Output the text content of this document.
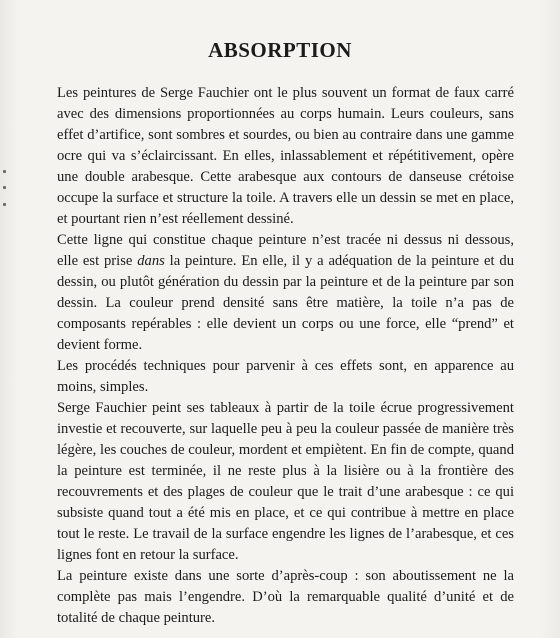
ABSORPTION

Les peintures de Serge Fauchier ont le plus souvent un format de faux carré avec des dimensions proportionnées au corps humain. Leurs couleurs, sans effet d’artifice, sont sombres et sourdes, ou bien au contraire dans une gamme ocre qui va s’éclaircissant. En elles, inlassablement et répétitivement, opère une double arabesque. Cette arabesque aux contours de danseuse crétoise occupe la surface et structure la toile. A travers elle un dessin se met en place, et pourtant rien n’est réellement dessiné.

Cette ligne qui constitue chaque peinture n’est tracée ni dessus ni dessous, elle est prise dans la peinture. En elle, il y a adéquation de la peinture et du dessin, ou plutôt génération du dessin par la peinture et de la peinture par son dessin. La couleur prend densité sans être matière, la toile n’a pas de composants repérables : elle devient un corps ou une force, elle “prend” et devient forme.

Les procédés techniques pour parvenir à ces effets sont, en apparence au moins, simples.

Serge Fauchier peint ses tableaux à partir de la toile écrue progressivement investie et recouverte, sur laquelle peu à peu la couleur passée de manière très légère, les couches de couleur, mordent et empiètent. En fin de compte, quand la peinture est terminée, il ne reste plus à la lisière ou à la frontière des recouvrements et des plages de couleur que le trait d’une arabesque : ce qui subsiste quand tout a été mis en place, et ce qui contribue à mettre en place tout le reste. Le travail de la surface engendre les lignes de l’arabesque, et ces lignes font en retour la surface.

La peinture existe dans une sorte d’après-coup : son aboutissement ne la complète pas mais l’engendre. D’où la remarquable qualité d’unité et de totalité de chaque peinture.
